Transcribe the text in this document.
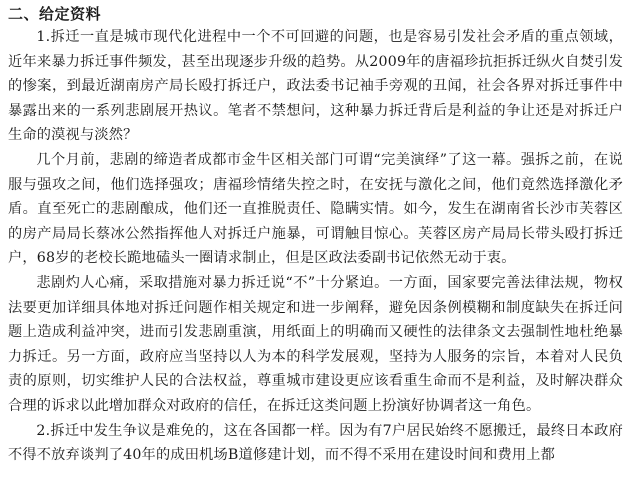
二、给定资料

1.拆迁一直是城市现代化进程中一个不可回避的问题，也是容易引发社会矛盾的重点领域，近年来暴力拆迁事件频发，甚至出现逐步升级的趋势。从2009年的唐福珍抗拒拆迁纵火自焚引发的惨案，到最近湖南房产局长殴打拆迁户，政法委书记袖手旁观的丑闻，社会各界对拆迁事件中暴露出来的一系列悲剧展开热议。笔者不禁想问，这种暴力拆迁背后是利益的争让还是对拆迁户生命的漠视与淡然？

几个月前，悲剧的缔造者成都市金牛区相关部门可谓“完美演绎”了这一幕。强拆之前，在说服与强攻之间，他们选择强攻；唐福珍情绪失控之时，在安抚与激化之间，他们竟然选择激化矛盾。直至死亡的悲剧酿成，他们还一直推脱责任、隐瞒实情。如今，发生在湖南省长沙市芙蓉区的房产局局长蔡冰公然指挥他人对拆迁户施暴，可谓触目惊心。芙蓉区房产局局长带头殴打拆迁户，68岁的老校长跪地磕头一圈请求制止，但是区政法委副书记依然无动于衷。

悲剧灼人心痛，采取措施对暴力拆迁说“不”十分紧迫。一方面，国家要完善法律法规，物权法要更加详细具体地对拆迁问题作相关规定和进一步阐释，避免因条例模糊和制度缺失在拆迁问题上造成利益冲突，进而引发悲剧重演，用纸面上的明确而又硬性的法律条文去强制性地杜绝暴力拆迁。另一方面，政府应当坚持以人为本的科学发展观，坚持为人服务的宗旨，本着对人民负责的原则，切实维护人民的合法权益，尊重城市建设更应该看重生命而不是利益，及时解决群众合理的诉求以此增加群众对政府的信任，在拆迁这类问题上扮演好协调者这一角色。

2.拆迁中发生争议是难免的，这在各国都一样。因为有7户居民始终不愿搬迁，最终日本政府不得不放弃谈判了40年的成田机场B道修建计划，而不得不采用在建设时间和费用上都
